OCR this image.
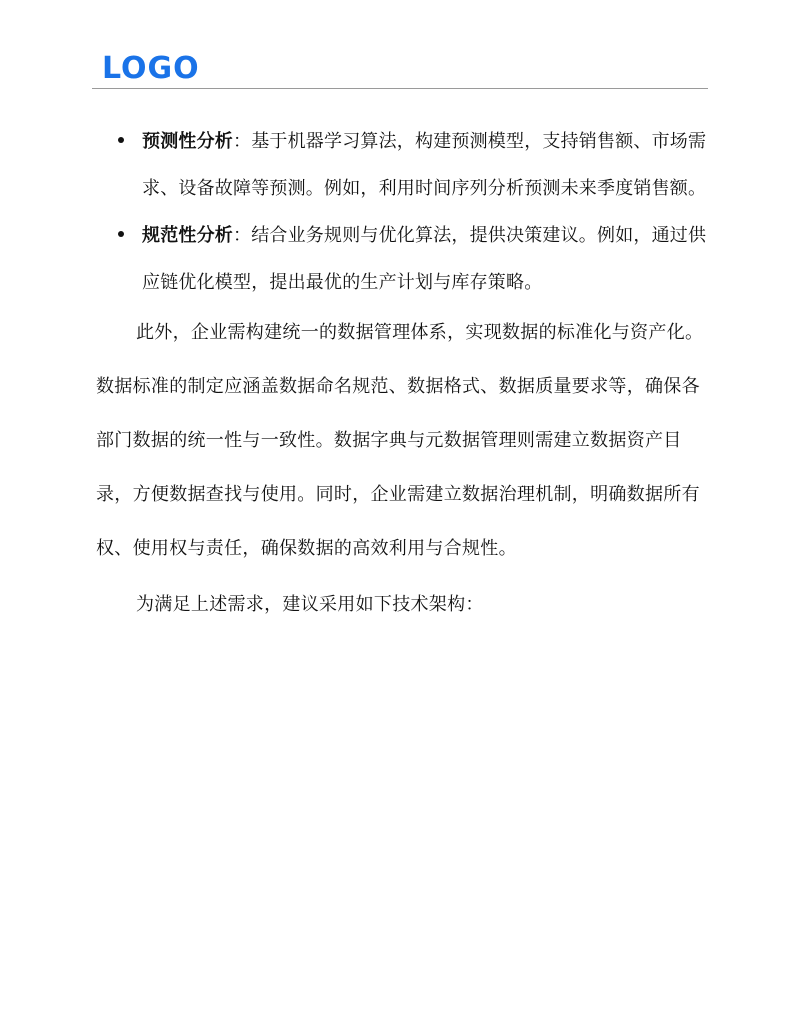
LOGO
预测性分析：基于机器学习算法，构建预测模型，支持销售额、市场需求、设备故障等预测。例如，利用时间序列分析预测未来季度销售额。
规范性分析：结合业务规则与优化算法，提供决策建议。例如，通过供应链优化模型，提出最优的生产计划与库存策略。

此外，企业需构建统一的数据管理体系，实现数据的标准化与资产化。数据标准的制定应涵盖数据命名规范、数据格式、数据质量要求等，确保各部门数据的统一性与一致性。数据字典与元数据管理则需建立数据资产目录，方便数据查找与使用。同时，企业需建立数据治理机制，明确数据所有权、使用权与责任，确保数据的高效利用与合规性。

为满足上述需求，建议采用如下技术架构：
